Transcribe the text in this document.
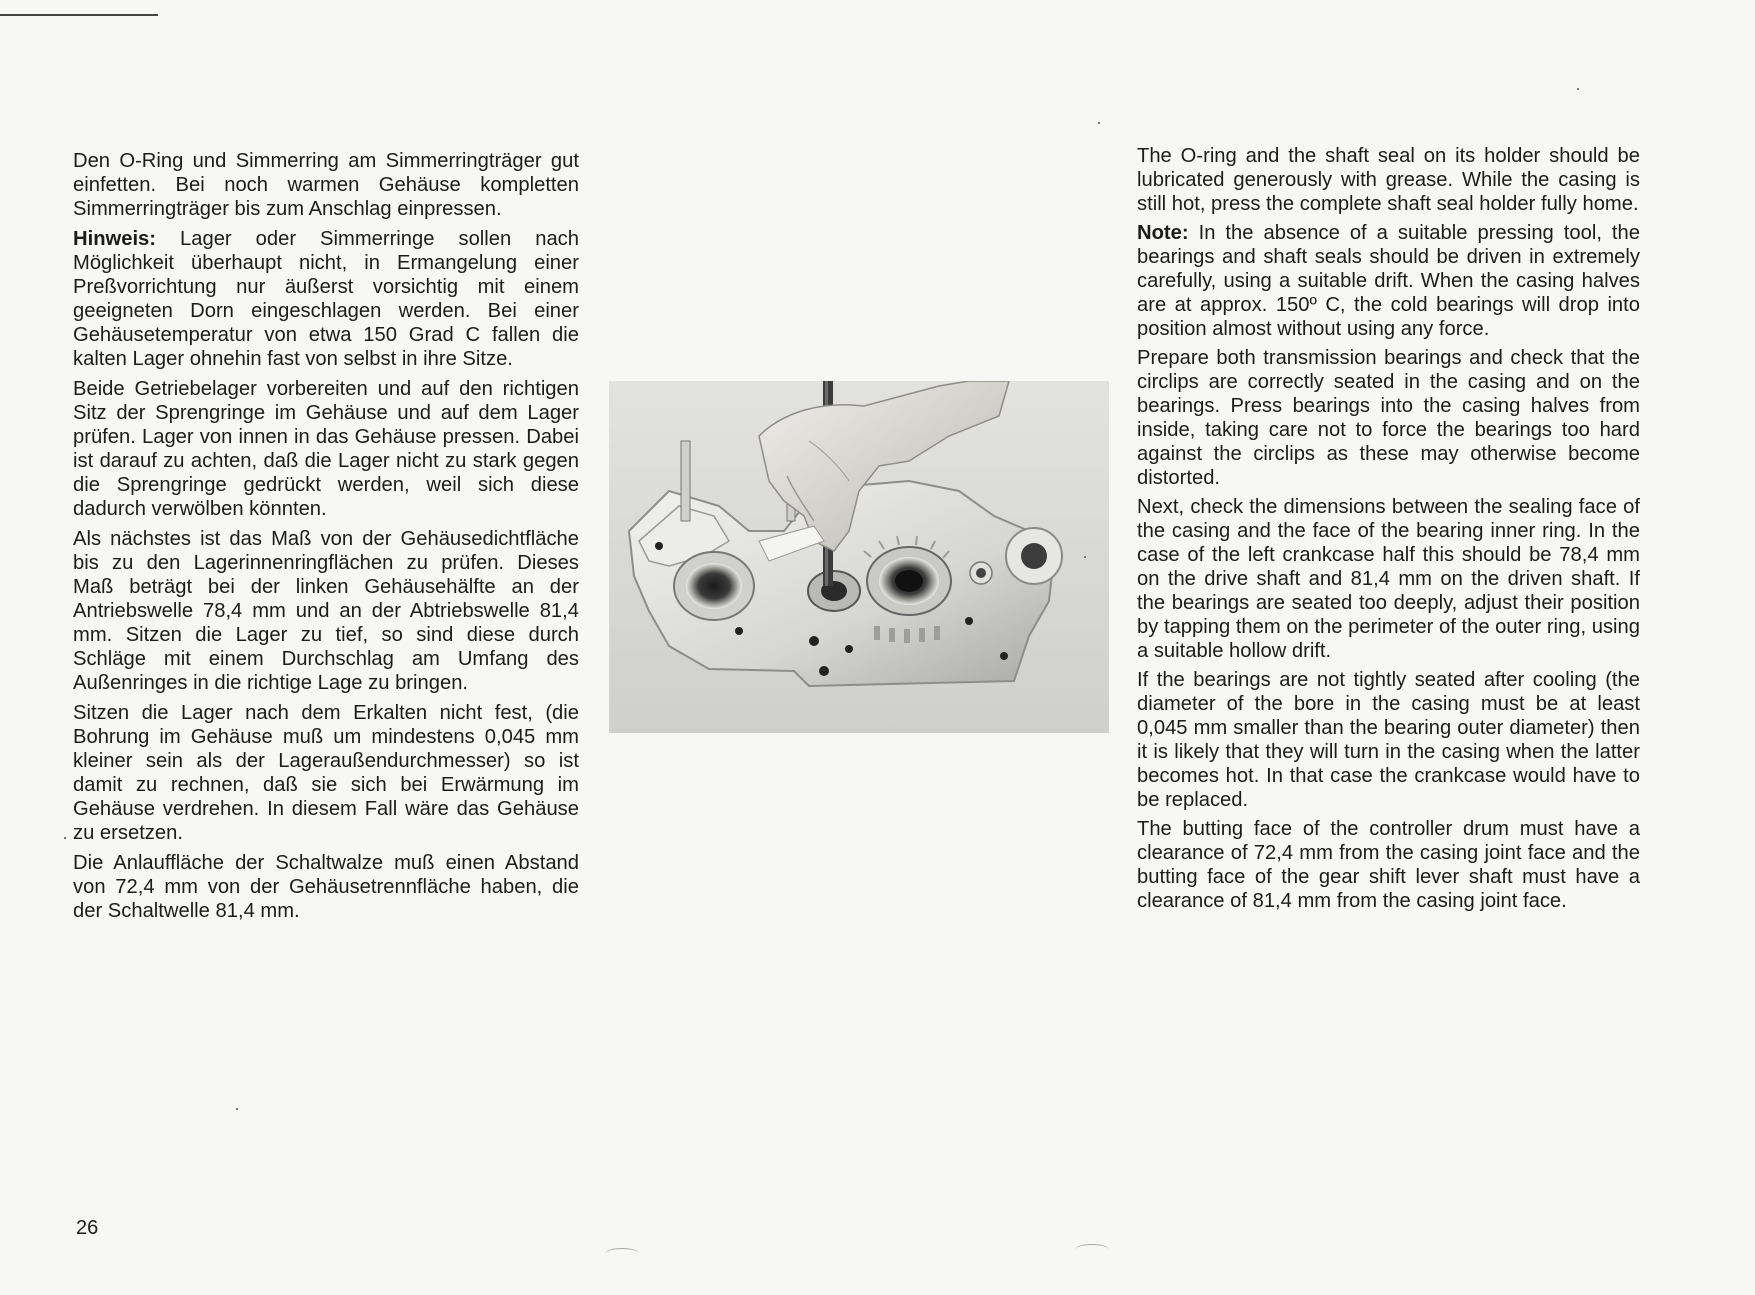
Den O-Ring und Simmerring am Simmerringträger gut einfetten. Bei noch warmen Gehäuse kompletten Simmerringträger bis zum Anschlag einpressen.

Hinweis: Lager oder Simmerringe sollen nach Möglichkeit überhaupt nicht, in Ermangelung einer Preßvorrichtung nur äußerst vorsichtig mit einem geeigneten Dorn eingeschlagen werden. Bei einer Gehäusetemperatur von etwa 150 Grad C fallen die kalten Lager ohnehin fast von selbst in ihre Sitze.

Beide Getriebelager vorbereiten und auf den richtigen Sitz der Sprengringe im Gehäuse und auf dem Lager prüfen. Lager von innen in das Gehäuse pressen. Dabei ist darauf zu achten, daß die Lager nicht zu stark gegen die Sprengringe gedrückt werden, weil sich diese dadurch verwölben könnten.

Als nächstes ist das Maß von der Gehäusedichtfläche bis zu den Lagerinnenringflächen zu prüfen. Dieses Maß beträgt bei der linken Gehäusehälfte an der Antriebswelle 78,4 mm und an der Abtriebswelle 81,4 mm. Sitzen die Lager zu tief, so sind diese durch Schläge mit einem Durchschlag am Umfang des Außenringes in die richtige Lage zu bringen.

Sitzen die Lager nach dem Erkalten nicht fest, (die Bohrung im Gehäuse muß um mindestens 0,045 mm kleiner sein als der Lageraußendurchmesser) so ist damit zu rechnen, daß sie sich bei Erwärmung im Gehäuse verdrehen. In diesem Fall wäre das Gehäuse zu ersetzen.

Die Anlauffläche der Schaltwalze muß einen Abstand von 72,4 mm von der Gehäusetrennfläche haben, die der Schaltwelle 81,4 mm.

The O-ring and the shaft seal on its holder should be lubricated generously with grease. While the casing is still hot, press the complete shaft seal holder fully home.

Note: In the absence of a suitable pressing tool, the bearings and shaft seals should be driven in extremely carefully, using a suitable drift. When the casing halves are at approx. 150º C, the cold bearings will drop into position almost without using any force.

Prepare both transmission bearings and check that the circlips are correctly seated in the casing and on the bearings. Press bearings into the casing halves from inside, taking care not to force the bearings too hard against the circlips as these may otherwise become distorted.

Next, check the dimensions between the sealing face of the casing and the face of the bearing inner ring. In the case of the left crankcase half this should be 78,4 mm on the drive shaft and 81,4 mm on the driven shaft. If the bearings are seated too deeply, adjust their position by tapping them on the perimeter of the outer ring, using a suitable hollow drift.

If the bearings are not tightly seated after cooling (the diameter of the bore in the casing must be at least 0,045 mm smaller than the bearing outer diameter) then it is likely that they will turn in the casing when the latter becomes hot. In that case the crankcase would have to be replaced.

The butting face of the controller drum must have a clearance of 72,4 mm from the casing joint face and the butting face of the gear shift lever shaft must have a clearance of 81,4 mm from the casing joint face.

26
